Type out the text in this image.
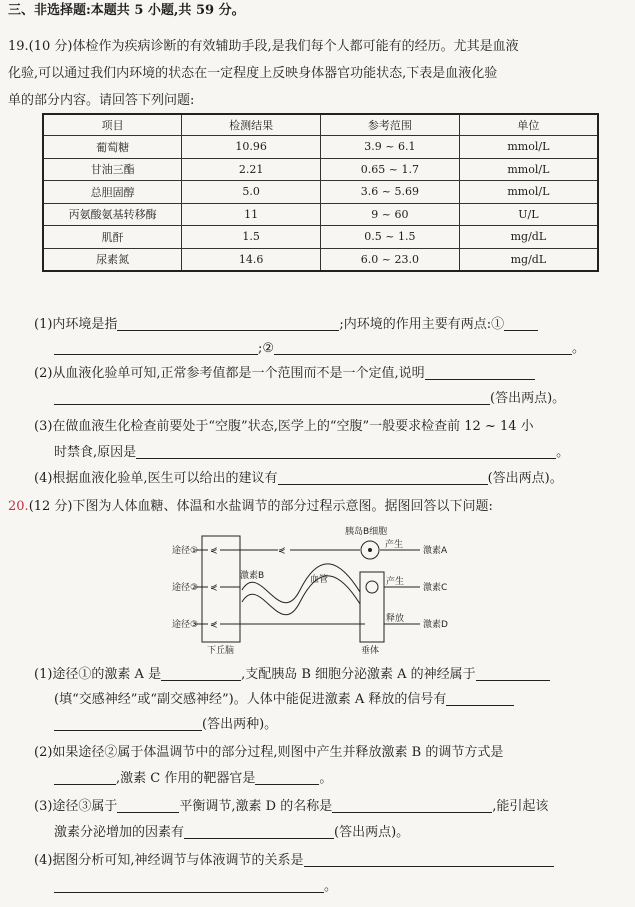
三、非选择题:本题共 5 小题,共 59 分。
19.(10 分)体检作为疾病诊断的有效辅助手段,是我们每个人都可能有的经历。尤其是血液
化验,可以通过我们内环境的状态在一定程度上反映身体器官功能状态,下表是血液化验
单的部分内容。请回答下列问题:
项目	检测结果	参考范围	单位
葡萄糖	10.96	3.9 ~ 6.1	mmol/L
甘油三酯	2.21	0.65 ~ 1.7	mmol/L
总胆固醇	5.0	3.6 ~ 5.69	mmol/L
丙氨酸氨基转移酶	11	9 ~ 60	U/L
肌酐	1.5	0.5 ~ 1.5	mg/dL
尿素氮	14.6	6.0 ~ 23.0	mg/dL
(1)内环境是指	;内环境的作用主要有两点:①
;②	。
(2)从血液化验单可知,正常参考值都是一个范围而不是一个定值,说明
(答出两点)。
(3)在做血液生化检查前要处于“空腹”状态,医学上的“空腹”一般要求检查前 12 ~ 14 小
时禁食,原因是	。
(4)根据血液化验单,医生可以给出的建议有	(答出两点)。
20.(12 分)下图为人体血糖、体温和水盐调节的部分过程示意图。据图回答以下问题:
下丘脑	垂体
途径①
途径②
途径③
⋞	⋞
胰岛B细胞
产生
激素A
⋞
激素B	血管	产生
激素C
⋞
释放
激素D
(1)途径①的激素 A 是	,支配胰岛 B 细胞分泌激素 A 的神经属于
(填“交感神经”或“副交感神经”)。人体中能促进激素 A 释放的信号有
(答出两种)。
(2)如果途径②属于体温调节中的部分过程,则图中产生并释放激素 B 的调节方式是
,激素 C 作用的靶器官是	。
(3)途径③属于	平衡调节,激素 D 的名称是	,能引起该
激素分泌增加的因素有	(答出两点)。
(4)据图分析可知,神经调节与体液调节的关系是
。
